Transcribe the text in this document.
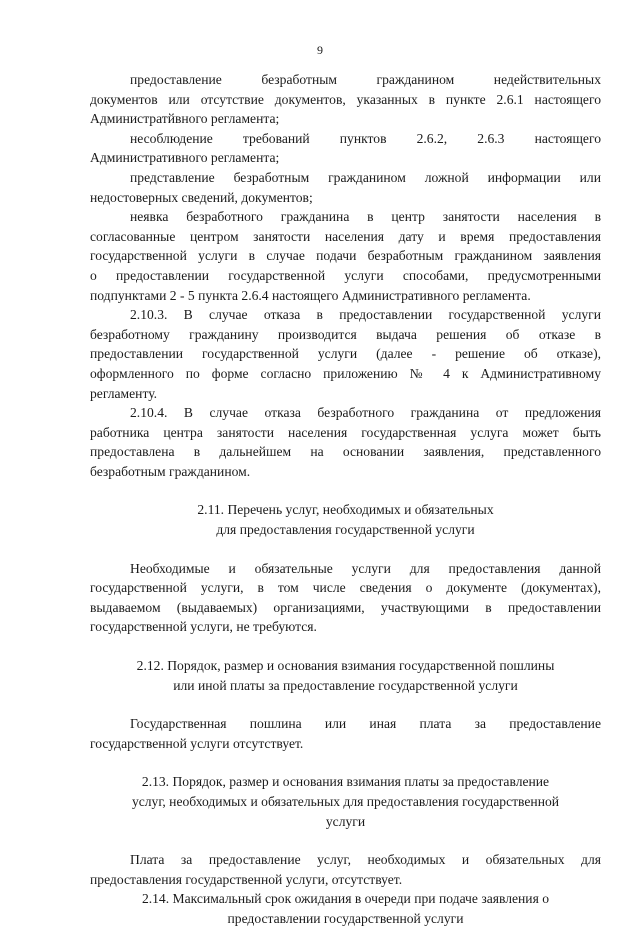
9

предоставление безработным гражданином недействительных

документов или отсутствие документов, указанных в пункте 2.6.1 настоящего

Администратйвного регламента;

несоблюдение требований пунктов 2.6.2, 2.6.3 настоящего

Административного регламента;

представление безработным гражданином ложной информации или

недостоверных сведений, документов;

неявка безработного гражданина в центр занятости населения в

согласованные центром занятости населения дату и время предоставления

государственной услуги в случае подачи безработным гражданином заявления

о предоставлении государственной услуги способами, предусмотренными

подпунктами 2 - 5 пункта 2.6.4 настоящего Административного регламента.

2.10.3. В случае отказа в предоставлении государственной услуги

безработному гражданину производится выдача решения об отказе в

предоставлении государственной услуги (далее - решение об отказе),

оформленного по форме согласно приложению № 4 к Административному

регламенту.

2.10.4. В случае отказа безработного гражданина от предложения

работника центра занятости населения государственная услуга может быть

предоставлена в дальнейшем на основании заявления, представленного

безработным гражданином.

2.11. Перечень услуг, необходимых и обязательных

для предоставления государственной услуги

Необходимые и обязательные услуги для предоставления данной

государственной услуги, в том числе сведения о документе (документах),

выдаваемом (выдаваемых) организациями, участвующими в предоставлении

государственной услуги, не требуются.

2.12. Порядок, размер и основания взимания государственной пошлины

или иной платы за предоставление государственной услуги

Государственная пошлина или иная плата за предоставление

государственной услуги отсутствует.

2.13. Порядок, размер и основания взимания платы за предоставление

услуг, необходимых и обязательных для предоставления государственной

услуги

Плата за предоставление услуг, необходимых и обязательных для

предоставления государственной услуги, отсутствует.

2.14. Максимальный срок ожидания в очереди при подаче заявления о

предоставлении государственной услуги
